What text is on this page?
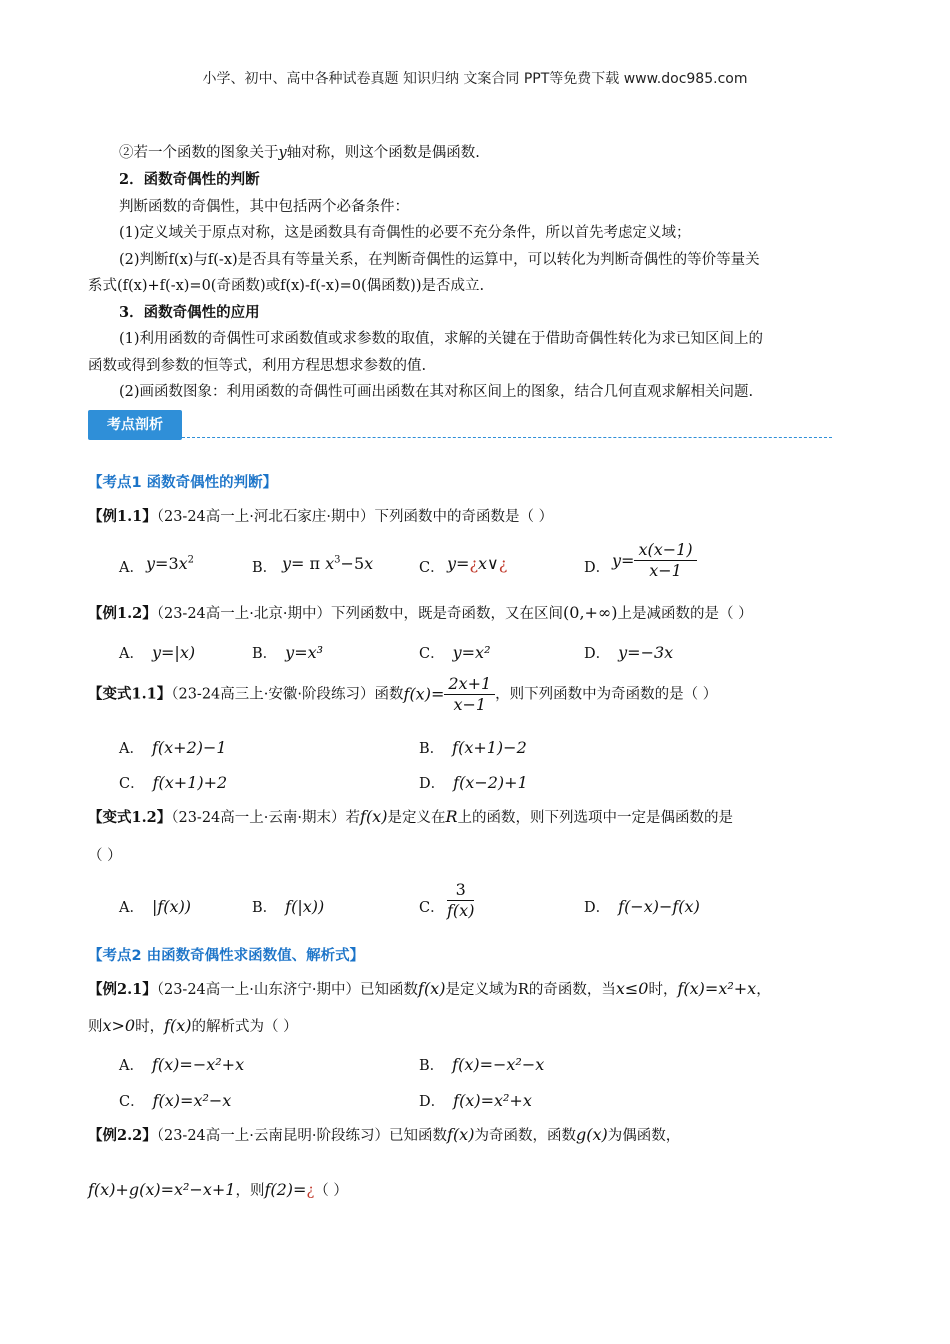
小学、初中、高中各种试卷真题 知识归纳 文案合同 PPT等免费下载 www.doc985.com
②若一个函数的图象关于y轴对称，则这个函数是偶函数.
2．函数奇偶性的判断
判断函数的奇偶性，其中包括两个必备条件：
(1)定义域关于原点对称，这是函数具有奇偶性的必要不充分条件，所以首先考虑定义域；
(2)判断f(x)与f(-x)是否具有等量关系，在判断奇偶性的运算中，可以转化为判断奇偶性的等价等量关
系式(f(x)+f(-x)=0(奇函数)或f(x)-f(-x)=0(偶函数))是否成立.
3．函数奇偶性的应用
(1)利用函数的奇偶性可求函数值或求参数的取值，求解的关键在于借助奇偶性转化为求已知区间上的
函数或得到参数的恒等式，利用方程思想求参数的值.
(2)画函数图象：利用函数的奇偶性可画出函数在其对称区间上的图象，结合几何直观求解相关问题.
考点剖析
【考点1 函数奇偶性的判断】
【例1.1】（23-24高一上·河北石家庄·期中）下列函数中的奇函数是（ ）
A． $y=3x^2$	B． y= π $x^3-5x$	C． y=¿x∨¿	D． $y= \frac{x(x-1)}{x-1}$
【例1.2】（23-24高一上·北京·期中）下列函数中，既是奇函数，又在区间(0,+∞)上是减函数的是（ ）
A． y=|x)	B． y=x³	C． y=x²	D． y=−3x
【变式1.1】（23-24高三上·安徽·阶段练习）函数$f(x)= \frac{2x+1}{x-1}$ ，则下列函数中为奇函数的是（ ）
A． f(x+2)−1	B． f(x+1)−2
C． f(x+1)+2	D． f(x−2)+1
【变式1.2】（23-24高一上·云南·期末）若f(x)是定义在R上的函数，则下列选项中一定是偶函数的是
（ ）
A． |f(x))	B． f(|x))	C． $\frac{3}{f(x)}$	D． f(−x)−f(x)
【考点2 由函数奇偶性求函数值、解析式】
【例2.1】（23-24高一上·山东济宁·期中）已知函数f(x)是定义域为R的奇函数，当x≤0时，f(x)=x²+x，
则x>0时，f(x)的解析式为（ ）
A． f(x)=−x²+x	B． f(x)=−x²−x
C． f(x)=x²−x	D． f(x)=x²+x
【例2.2】（23-24高一上·云南昆明·阶段练习）已知函数f(x)为奇函数，函数g(x)为偶函数，
f(x)+g(x)=x²−x+1，则f(2)=¿（ ）
